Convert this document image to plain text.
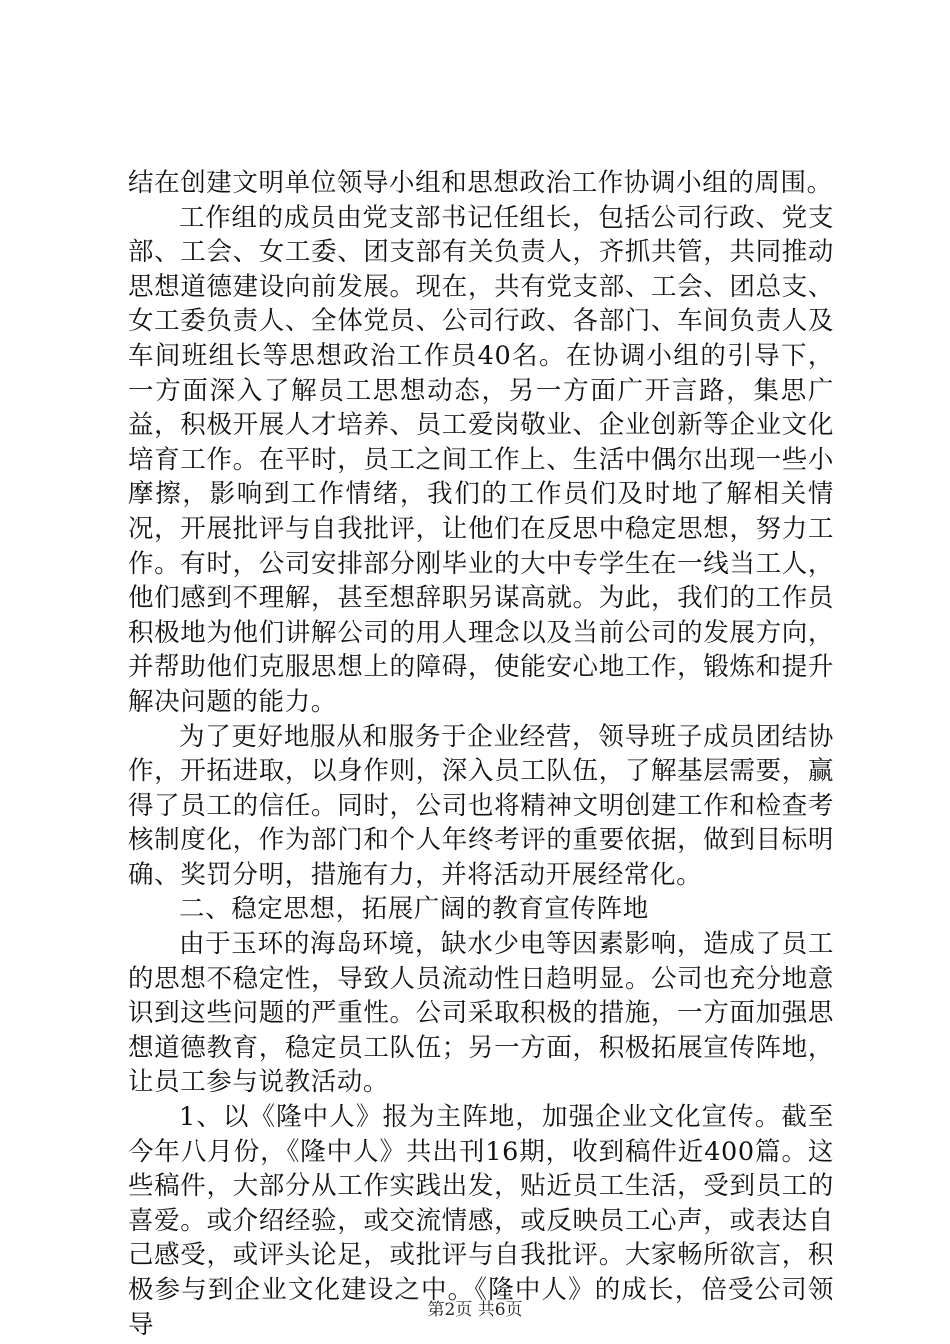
结在创建文明单位领导小组和思想政治工作协调小组的周围。

工作组的成员由党支部书记任组长，包括公司行政、党支部、工会、女工委、团支部有关负责人，齐抓共管，共同推动思想道德建设向前发展。现在，共有党支部、工会、团总支、女工委负责人、全体党员、公司行政、各部门、车间负责人及车间班组长等思想政治工作员40名。在协调小组的引导下，一方面深入了解员工思想动态，另一方面广开言路，集思广益，积极开展人才培养、员工爱岗敬业、企业创新等企业文化培育工作。在平时，员工之间工作上、生活中偶尔出现一些小摩擦，影响到工作情绪，我们的工作员们及时地了解相关情况，开展批评与自我批评，让他们在反思中稳定思想，努力工作。有时，公司安排部分刚毕业的大中专学生在一线当工人，他们感到不理解，甚至想辞职另谋高就。为此，我们的工作员积极地为他们讲解公司的用人理念以及当前公司的发展方向，并帮助他们克服思想上的障碍，使能安心地工作，锻炼和提升解决问题的能力。

为了更好地服从和服务于企业经营，领导班子成员团结协作，开拓进取，以身作则，深入员工队伍，了解基层需要，赢得了员工的信任。同时，公司也将精神文明创建工作和检查考核制度化，作为部门和个人年终考评的重要依据，做到目标明确、奖罚分明，措施有力，并将活动开展经常化。

二、稳定思想，拓展广阔的教育宣传阵地

由于玉环的海岛环境，缺水少电等因素影响，造成了员工的思想不稳定性，导致人员流动性日趋明显。公司也充分地意识到这些问题的严重性。公司采取积极的措施，一方面加强思想道德教育，稳定员工队伍；另一方面，积极拓展宣传阵地，让员工参与说教活动。

1、以《隆中人》报为主阵地，加强企业文化宣传。截至今年八月份，《隆中人》共出刊16期，收到稿件近400篇。这些稿件，大部分从工作实践出发，贴近员工生活，受到员工的喜爱。或介绍经验，或交流情感，或反映员工心声，或表达自己感受，或评头论足，或批评与自我批评。大家畅所欲言，积极参与到企业文化建设之中。《隆中人》的成长，倍受公司领导	第2页 共6页
